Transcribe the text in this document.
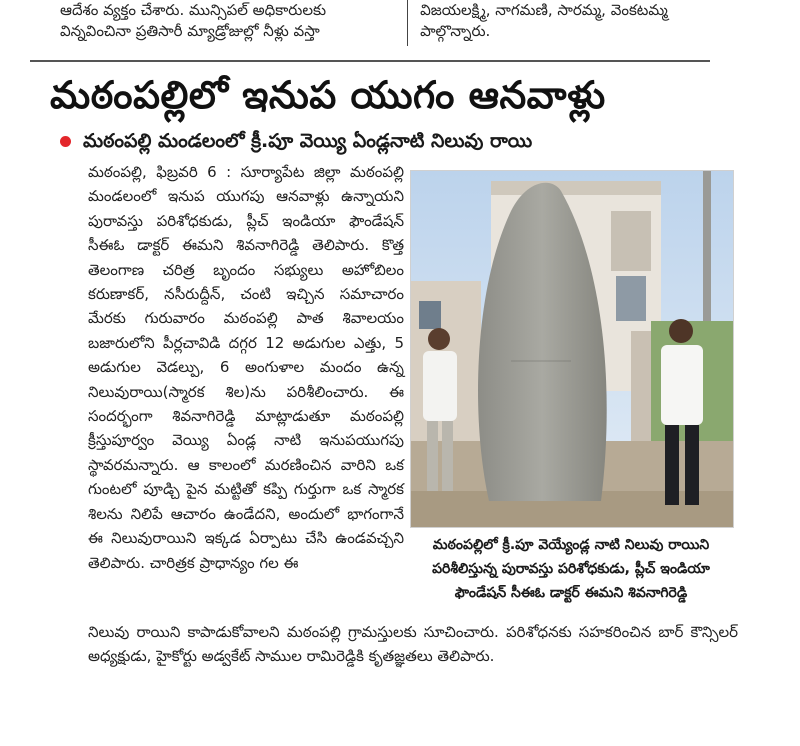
ఆదేశం వ్యక్తం చేశారు. మున్సిపల్ అధికారులకు విన్నవించినా ప్రతిసారీ మ్యాడ్రోజుల్లో నీళ్లు వస్తా
విజయలక్ష్మి, నాగమణి, సారమ్మ, వెంకటమ్మ పాల్గొన్నారు.
మఠంపల్లిలో ఇనుప యుగం ఆనవాళ్లు
మఠంపల్లి మండలంలో క్రీ.పూ వెయ్యి ఏండ్లనాటి నిలువు రాయి
మఠంపల్లి, ఫిబ్రవరి 6 : సూర్యాపేట జిల్లా మఠంపల్లి మండలంలో ఇనుప యుగపు ఆనవాళ్లు ఉన్నాయని పురావస్తు పరిశోధకుడు, ప్లీచ్ ఇండియా ఫౌండేషన్ సీఈఓ డాక్టర్ ఈమని శివనాగిరెడ్డి తెలిపారు. కొత్త తెలంగాణ చరిత్ర బృందం సభ్యులు అహోబిలం కరుణాకర్, నసీరుద్దీన్, చంటి ఇచ్చిన సమాచారం మేరకు గురువారం మఠంపల్లి పాత శివాలయం బజారులోని పీర్లచావిడి దగ్గర 12 అడుగుల ఎత్తు, 5 అడుగుల వెడల్పు, 6 అంగుళాల మందం ఉన్న నిలువురాయి(స్మారక శిల)ను పరిశీలించారు. ఈ సందర్భంగా శివనాగిరెడ్డి మాట్లాడుతూ మఠంపల్లి క్రీస్తుపూర్వం వెయ్యి ఏండ్ల నాటి ఇనుపయుగపు స్థావరమన్నారు. ఆ కాలంలో మరణించిన వారిని ఒక గుంటలో పూడ్చి పైన మట్టితో కప్పి గుర్తుగా ఒక స్మారక శిలను నిలిపే ఆచారం ఉండేదని, అందులో భాగంగానే ఈ నిలువురాయిని ఇక్కడ ఏర్పాటు చేసి ఉండవచ్చని తెలిపారు. చారిత్రక ప్రాధాన్యం గల ఈ
మఠంపల్లిలో క్రీ.పూ వెయ్యేండ్ల నాటి నిలువు రాయిని పరిశీలిస్తున్న పురావస్తు పరిశోధకుడు, ప్లీచ్ ఇండియా ఫౌండేషన్ సీఈఓ డాక్టర్ ఈమని శివనాగిరెడ్డి
నిలువు రాయిని కాపాడుకోవాలని మఠంపల్లి గ్రామస్తులకు సూచించారు. పరిశోధనకు సహకరించిన బార్ కౌన్సిలర్ అధ్యక్షుడు, హైకోర్టు అడ్వకేట్ సాముల రామిరెడ్డికి కృతజ్ఞతలు తెలిపారు.
